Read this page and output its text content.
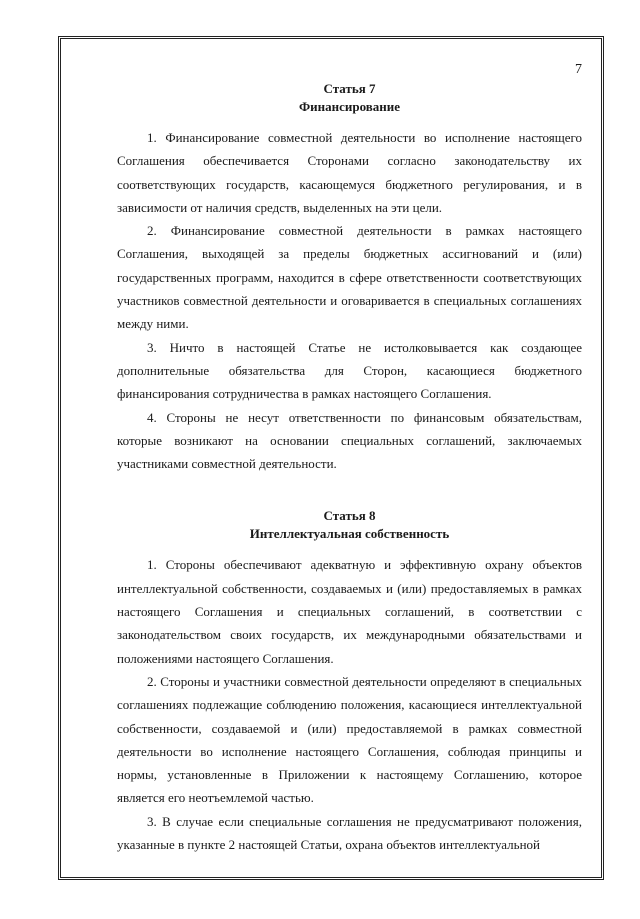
7

Статья 7
Финансирование

1. Финансирование совместной деятельности во исполнение настоящего Соглашения обеспечивается Сторонами согласно законодательству их соответствующих государств, касающемуся бюджетного регулирования, и в зависимости от наличия средств, выделенных на эти цели.

2. Финансирование совместной деятельности в рамках настоящего Соглашения, выходящей за пределы бюджетных ассигнований и (или) государственных программ, находится в сфере ответственности соответствующих участников совместной деятельности и оговаривается в специальных соглашениях между ними.

3. Ничто в настоящей Статье не истолковывается как создающее дополнительные обязательства для Сторон, касающиеся бюджетного финансирования сотрудничества в рамках настоящего Соглашения.

4. Стороны не несут ответственности по финансовым обязательствам, которые возникают на основании специальных соглашений, заключаемых участниками совместной деятельности.

Статья 8
Интеллектуальная собственность

1. Стороны обеспечивают адекватную и эффективную охрану объектов интеллектуальной собственности, создаваемых и (или) предоставляемых в рамках настоящего Соглашения и специальных соглашений, в соответствии с законодательством своих государств, их международными обязательствами и положениями настоящего Соглашения.

2. Стороны и участники совместной деятельности определяют в специальных соглашениях подлежащие соблюдению положения, касающиеся интеллектуальной собственности, создаваемой и (или) предоставляемой в рамках совместной деятельности во исполнение настоящего Соглашения, соблюдая принципы и нормы, установленные в Приложении к настоящему Соглашению, которое является его неотъемлемой частью.

3. В случае если специальные соглашения не предусматривают положения, указанные в пункте 2 настоящей Статьи, охрана объектов интеллектуальной
